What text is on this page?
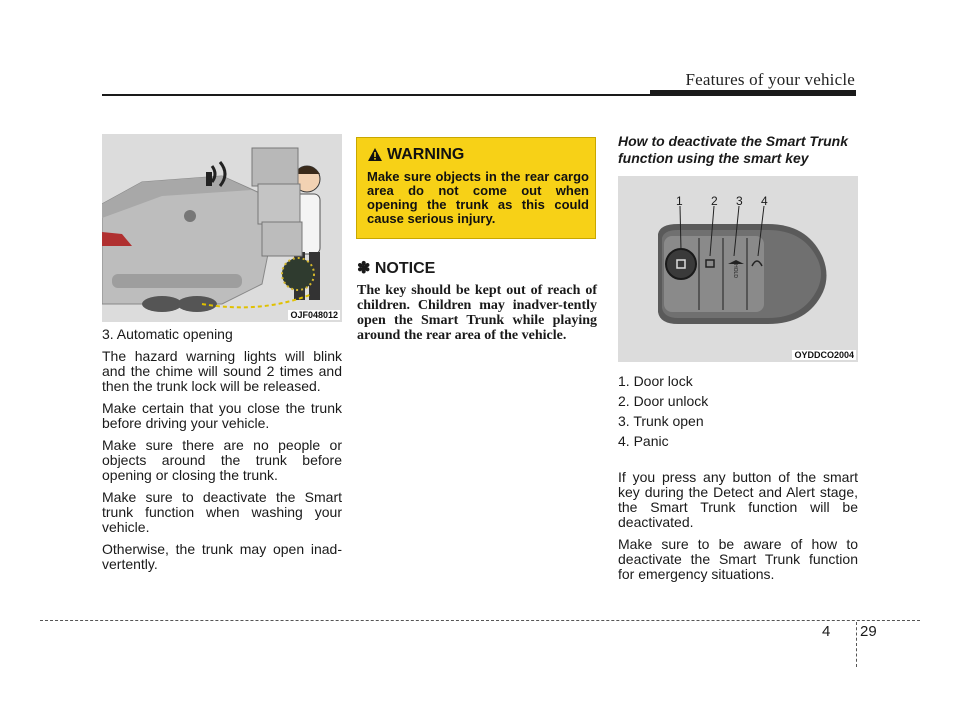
Features of your vehicle
OJF048012

3. Automatic opening

The hazard warning lights will blink and the chime will sound 2 times and then the trunk lock will be released.

Make certain that you close the trunk before driving your vehicle.

Make sure there are no people or objects around the trunk before opening or closing the trunk.

Make sure to deactivate the Smart trunk function when washing your vehicle.

Otherwise, the trunk may open inad-vertently.

WARNING
Make sure objects in the rear cargo area do not come out when opening the trunk as this could cause serious injury.
✽ NOTICE
The key should be kept out of reach of children. Children may inadver-tently open the Smart Trunk while playing around the rear area of the vehicle.
How to deactivate the Smart Trunk function using the smart key
1 2 3 4
HOLD
OYDDCO2004
1. Door lock
2. Door unlock
3. Trunk open
4. Panic

If you press any button of the smart key during the Detect and Alert stage, the Smart Trunk function will be deactivated.

Make sure to be aware of how to deactivate the Smart Trunk function for emergency situations.

4 29
